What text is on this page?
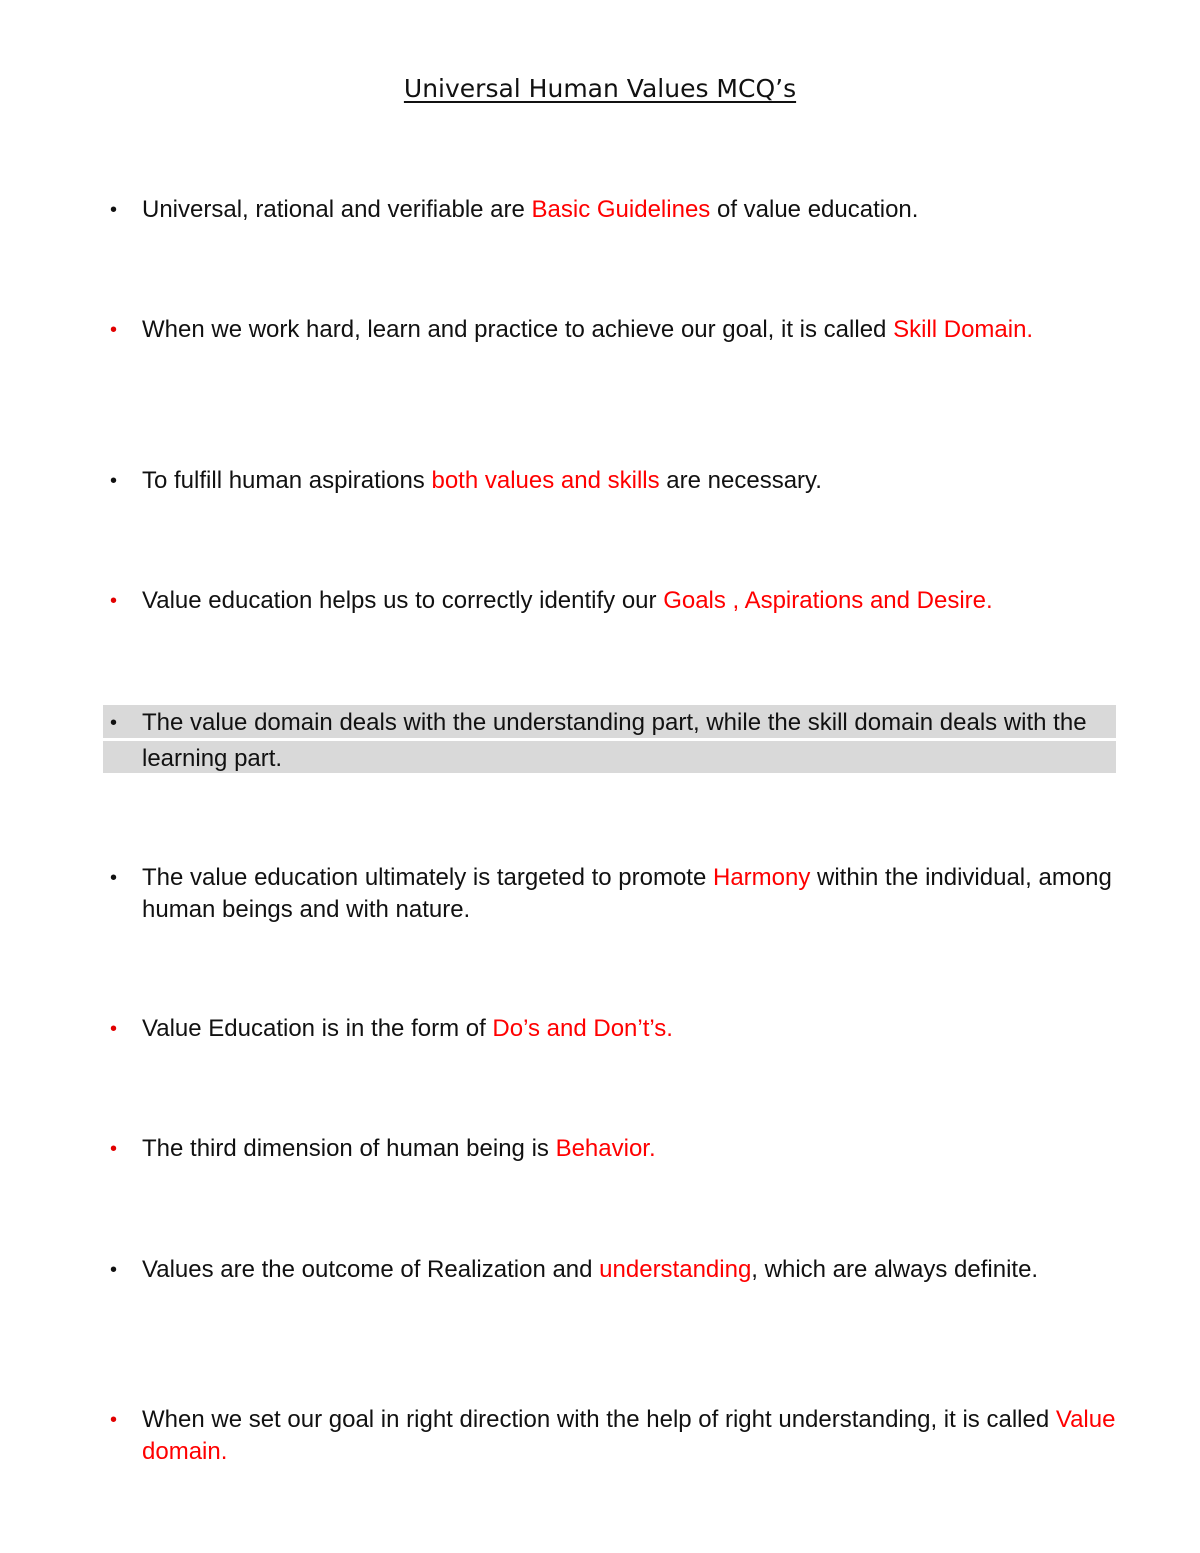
Universal Human Values MCQ’s
•	Universal, rational and verifiable are Basic Guidelines of value education.
•	When we work hard, learn and practice to achieve our goal, it is called Skill Domain.
•	To fulfill human aspirations both values and skills are necessary.
•	Value education helps us to correctly identify our Goals , Aspirations and Desire.
•	The value domain deals with the understanding part, while the skill domain deals with the learning part.
•	The value education ultimately is targeted to promote Harmony within the individual, among human beings and with nature.
•	Value Education is in the form of Do’s and Don’t’s.
•	The third dimension of human being is Behavior.
•	Values are the outcome of Realization and understanding, which are always definite.
•	When we set our goal in right direction with the help of right understanding, it is called Value domain.
